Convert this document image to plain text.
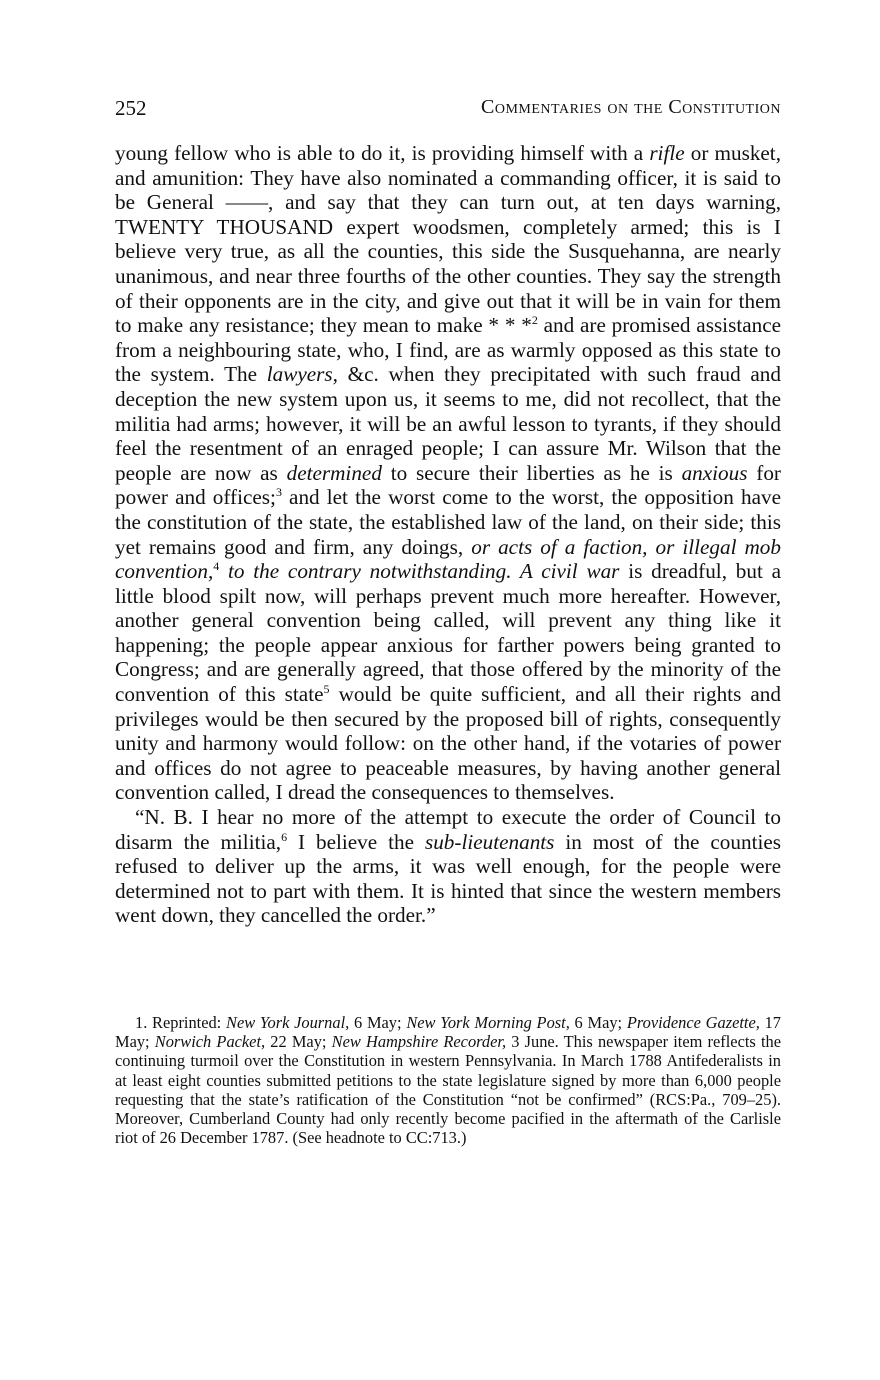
252	Commentaries on the Constitution

young fellow who is able to do it, is providing himself with a rifle or musket, and amunition: They have also nominated a commanding officer, it is said to be General ——, and say that they can turn out, at ten days warning, TWENTY THOUSAND expert woodsmen, completely armed; this is I believe very true, as all the counties, this side the Susquehanna, are nearly unanimous, and near three fourths of the other counties. They say the strength of their opponents are in the city, and give out that it will be in vain for them to make any resistance; they mean to make * * *$^2$ and are promised assistance from a neighbouring state, who, I find, are as warmly opposed as this state to the system. The lawyers, &c. when they precipitated with such fraud and deception the new system upon us, it seems to me, did not recollect, that the militia had arms; however, it will be an awful lesson to tyrants, if they should feel the resentment of an enraged people; I can assure Mr. Wilson that the people are now as determined to secure their liberties as he is anxious for power and offices;$^3$ and let the worst come to the worst, the opposition have the constitution of the state, the established law of the land, on their side; this yet remains good and firm, any doings, or acts of a faction, or illegal mob convention,$^4$ to the contrary notwithstanding. A civil war is dreadful, but a little blood spilt now, will perhaps prevent much more hereafter. However, another general convention being called, will prevent any thing like it happening; the people appear anxious for farther powers being granted to Congress; and are generally agreed, that those offered by the minority of the convention of this state$^5$ would be quite sufficient, and all their rights and privileges would be then secured by the proposed bill of rights, consequently unity and harmony would follow: on the other hand, if the votaries of power and offices do not agree to peaceable measures, by having another general convention called, I dread the consequences to themselves.

“N. B. I hear no more of the attempt to execute the order of Council to disarm the militia,$^6$ I believe the sub-lieutenants in most of the counties refused to deliver up the arms, it was well enough, for the people were determined not to part with them. It is hinted that since the western members went down, they cancelled the order.”

1. Reprinted: New York Journal, 6 May; New York Morning Post, 6 May; Providence Gazette, 17 May; Norwich Packet, 22 May; New Hampshire Recorder, 3 June. This newspaper item reflects the continuing turmoil over the Constitution in western Pennsylvania. In March 1788 Antifederalists in at least eight counties submitted petitions to the state legislature signed by more than 6,000 people requesting that the state’s ratification of the Constitution “not be confirmed” (RCS:Pa., 709–25). Moreover, Cumberland County had only recently become pacified in the aftermath of the Carlisle riot of 26 December 1787. (See headnote to CC:713.)
